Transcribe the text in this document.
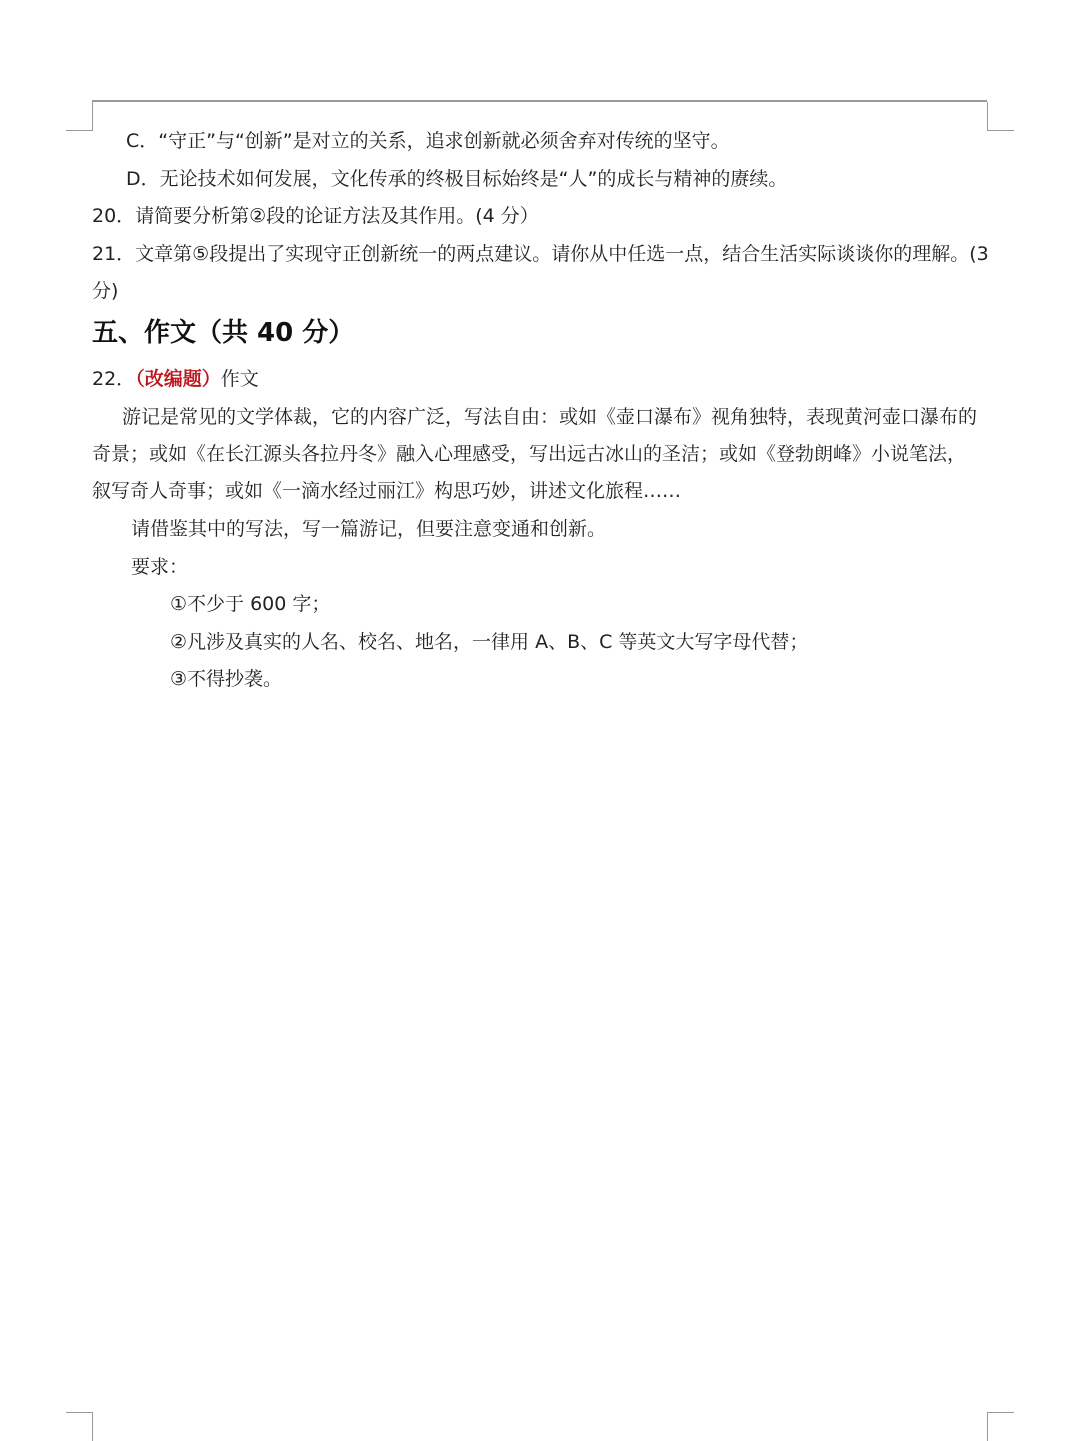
C．“守正”与“创新”是对立的关系，追求创新就必须舍弃对传统的坚守。
D．无论技术如何发展，文化传承的终极目标始终是“人”的成长与精神的赓续。
20．请简要分析第②段的论证方法及其作用。(4 分）
21．文章第⑤段提出了实现守正创新统一的两点建议。请你从中任选一点，结合生活实际谈谈你的理解。(3
分)
五、作文（共 40 分）
22．（改编题）作文
游记是常见的文学体裁，它的内容广泛，写法自由：或如《壶口瀑布》视角独特，表现黄河壶口瀑布的
奇景；或如《在长江源头各拉丹冬》融入心理感受，写出远古冰山的圣洁；或如《登勃朗峰》小说笔法，
叙写奇人奇事；或如《一滴水经过丽江》构思巧妙，讲述文化旅程……
请借鉴其中的写法，写一篇游记，但要注意变通和创新。
要求：
①不少于 600 字；
②凡涉及真实的人名、校名、地名，一律用 A、B、C 等英文大写字母代替；
③不得抄袭。
